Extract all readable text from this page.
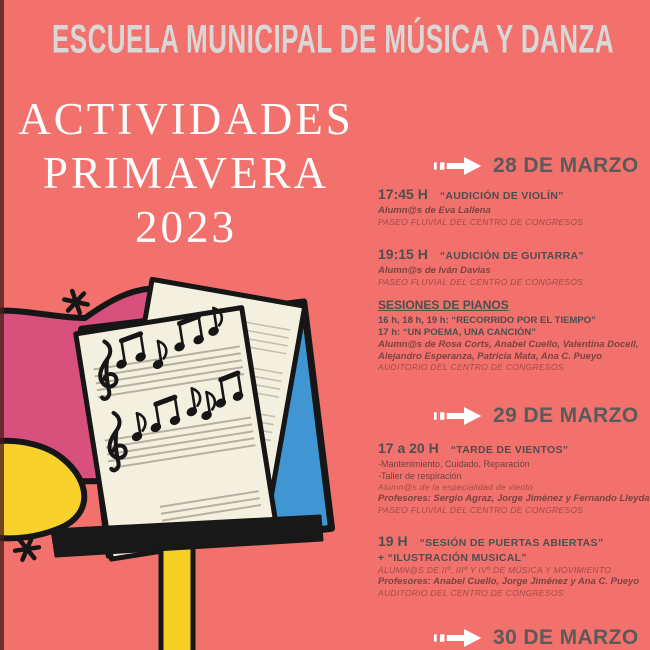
ESCUELA MUNICIPAL DE MÚSICA Y DANZA
ACTIVIDADES
PRIMAVERA
2023
28 DE MARZO
17:45 H “AUDICIÓN DE VIOLÍN”
Alumn@s de Eva Lallena
PASEO FLUVIAL DEL CENTRO DE CONGRESOS
19:15 H “AUDICIÓN DE GUITARRA”
Alumn@s de Iván Davias
PASEO FLUVIAL DEL CENTRO DE CONGRESOS
SESIONES DE PIANOS
16 h, 18 h, 19 h: “RECORRIDO POR EL TIEMPO”
17 h: “UN POEMA, UNA CANCIÓN”
Alumn@s de Rosa Corts, Anabel Cuello, Valentina Docell,
Alejandro Esperanza, Patricia Mata, Ana C. Pueyo
AUDITORIO DEL CENTRO DE CONGRESOS
29 DE MARZO
17 a 20 H “TARDE DE VIENTOS”
-Mantenimiento, Cuidado, Reparación
-Taller de respiración
Alumn@s de la especialidad de viento
Profesores: Sergio Agraz, Jorge Jiménez y Fernando Lleyda
PASEO FLUVIAL DEL CENTRO DE CONGRESOS
19 H “SESIÓN DE PUERTAS ABIERTAS”
+ “ILUSTRACIÓN MUSICAL”
ALUMN@S DE IIº, IIIº Y IVº DE MÚSICA Y MOVIMIENTO
Profesores: Anabel Cuello, Jorge Jiménez y Ana C. Pueyo
AUDITORIO DEL CENTRO DE CONGRESOS
30 DE MARZO
